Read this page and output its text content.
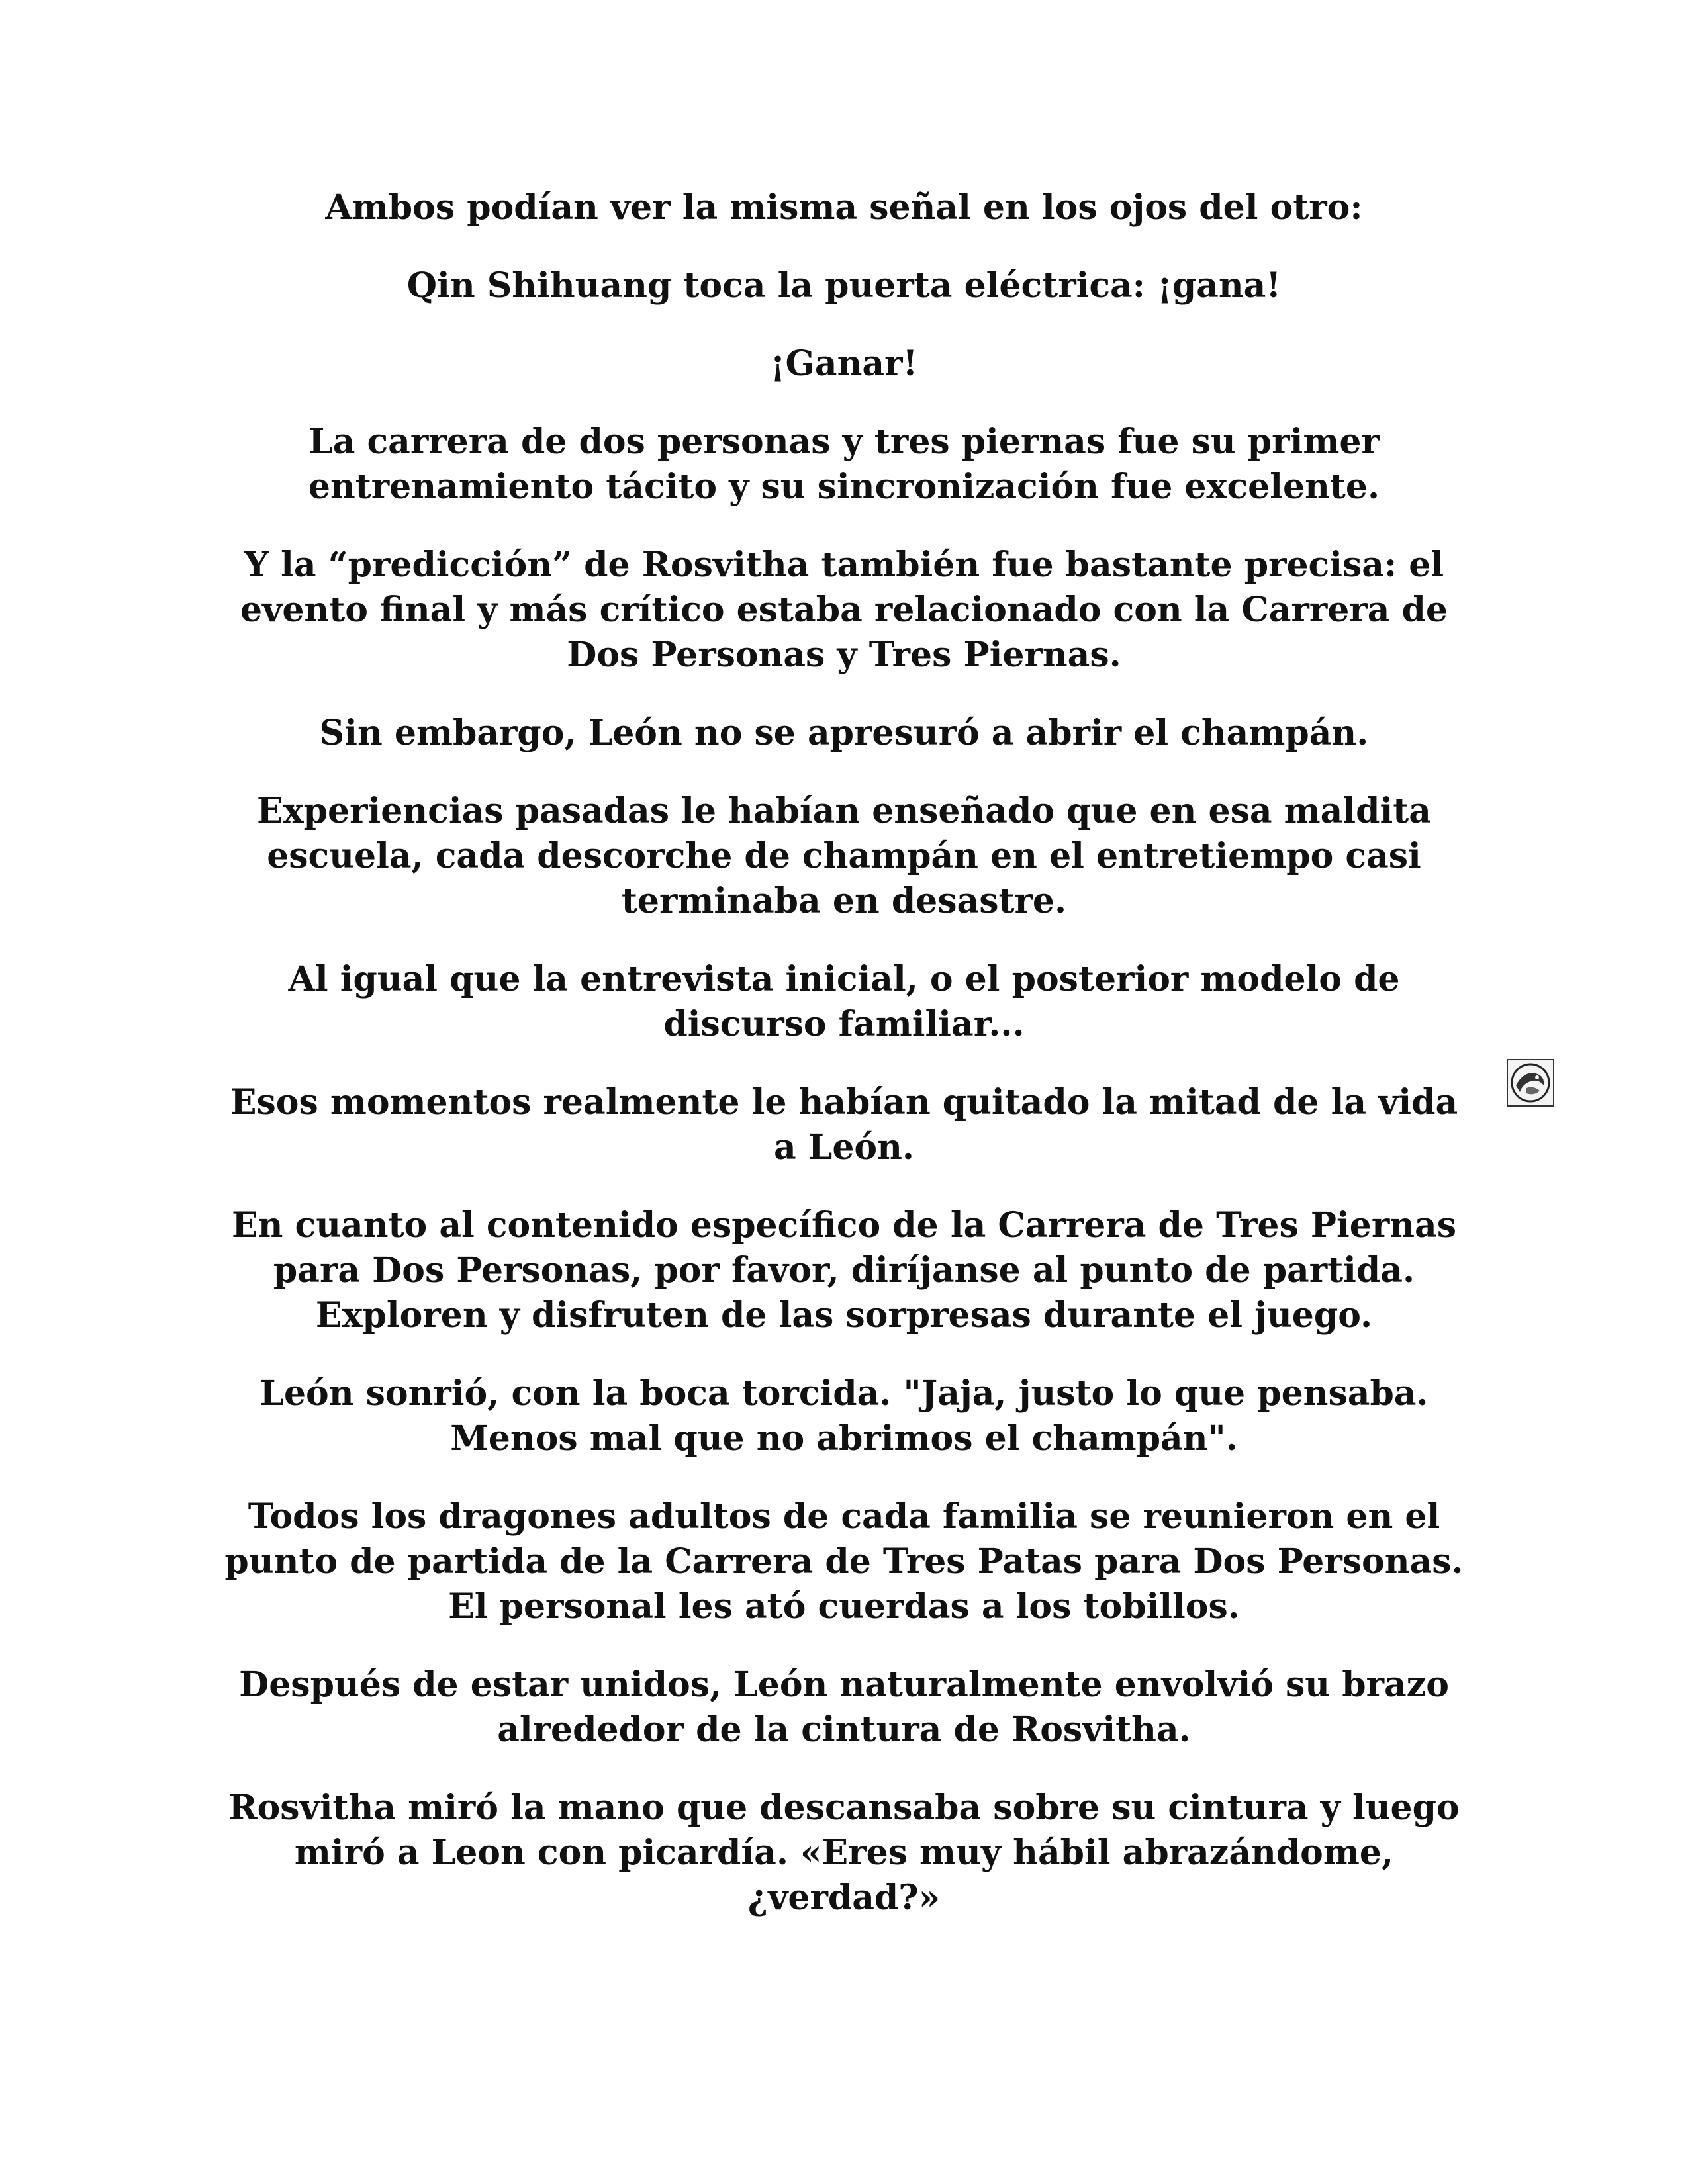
Ambos podían ver la misma señal en los ojos del otro:

Qin Shihuang toca la puerta eléctrica: ¡gana!

¡Ganar!

La carrera de dos personas y tres piernas fue su primer entrenamiento tácito y su sincronización fue excelente.

Y la “predicción” de Rosvitha también fue bastante precisa: el evento final y más crítico estaba relacionado con la Carrera de Dos Personas y Tres Piernas.

Sin embargo, León no se apresuró a abrir el champán.

Experiencias pasadas le habían enseñado que en esa maldita escuela, cada descorche de champán en el entretiempo casi terminaba en desastre.

Al igual que la entrevista inicial, o el posterior modelo de discurso familiar...

Esos momentos realmente le habían quitado la mitad de la vida a León.

En cuanto al contenido específico de la Carrera de Tres Piernas para Dos Personas, por favor, diríjanse al punto de partida. Exploren y disfruten de las sorpresas durante el juego.

León sonrió, con la boca torcida. "Jaja, justo lo que pensaba. Menos mal que no abrimos el champán".

Todos los dragones adultos de cada familia se reunieron en el punto de partida de la Carrera de Tres Patas para Dos Personas. El personal les ató cuerdas a los tobillos.

Después de estar unidos, León naturalmente envolvió su brazo alrededor de la cintura de Rosvitha.

Rosvitha miró la mano que descansaba sobre su cintura y luego miró a Leon con picardía. «Eres muy hábil abrazándome, ¿verdad?»
